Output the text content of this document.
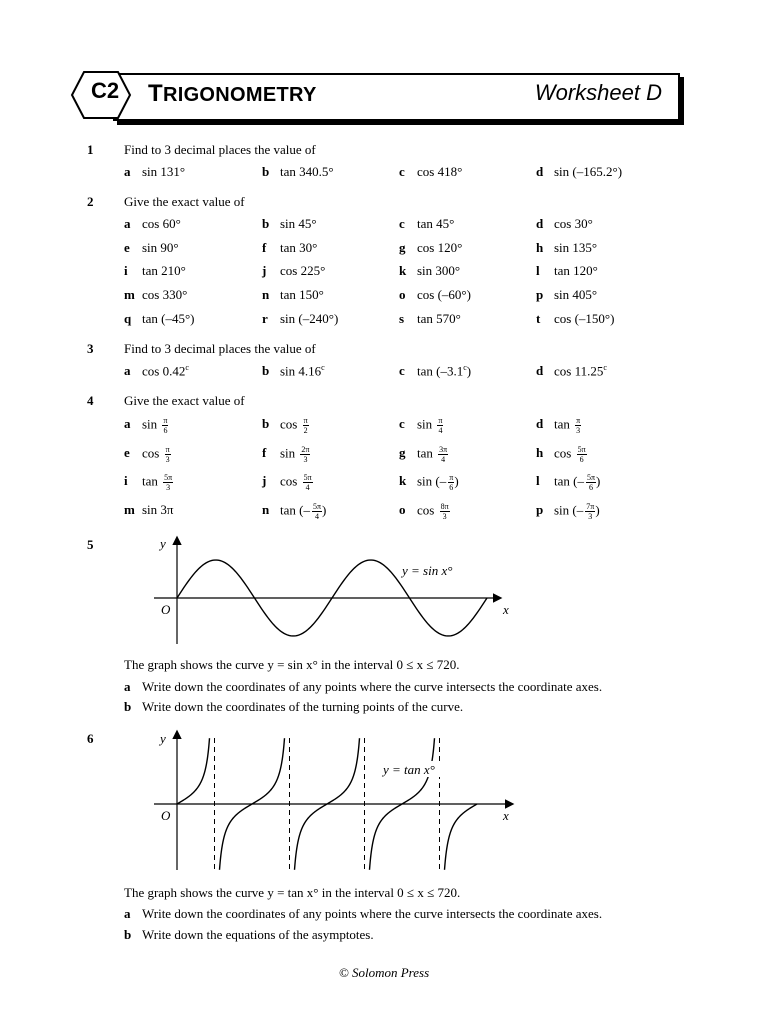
C2	TRIGONOMETRY	Worksheet D
1 Find to 3 decimal places the value of
a sin 131°	b tan 340.5°	c cos 418°	d sin (–165.2°)
2 Give the exact value of
a cos 60°	b sin 45°	c tan 45°	d cos 30°
e sin 90°	f tan 30°	g cos 120°	h sin 135°
i tan 210°	j cos 225°	k sin 300°	l tan 120°
m cos 330°	n tan 150°	o cos (–60°)	p sin 405°
q tan (–45°)	r sin (–240°)	s tan 570°	t cos (–150°)
3 Find to 3 decimal places the value of
a cos 0.42$^c$	b sin 4.16$^c$	c tan (–3.1$^c$)	d cos 11.25$^c$
4 Give the exact value of
a $\sin \frac{\pi}{6}$	b $\cos \frac{\pi}{2}$	c $\sin \frac{\pi}{4}$	d $\tan \frac{\pi}{3}$
e $\cos \frac{\pi}{3}$	f $\sin \frac{2\pi}{3}$	g $\tan \frac{3\pi}{4}$	h $\cos \frac{5\pi}{6}$
i $\tan \frac{5\pi}{3}$	j $\cos \frac{5\pi}{4}$	k sin (– $\frac{\pi}{6}$ )	l tan (– $\frac{5\pi}{6}$ )
m sin 3π	n tan (– $\frac{5\pi}{4}$ )	o $\cos \frac{8\pi}{3}$	p sin (– $\frac{7\pi}{3}$ )
5	y
x
O
y = sin x°
The graph shows the curve y = sin x° in the interval 0 ≤ x ≤ 720.
a Write down the coordinates of any points where the curve intersects the coordinate axes.
b Write down the coordinates of the turning points of the curve.
6	y
x
O
y = tan x°
The graph shows the curve y = tan x° in the interval 0 ≤ x ≤ 720.
a Write down the coordinates of any points where the curve intersects the coordinate axes.
b Write down the equations of the asymptotes.
© Solomon Press
